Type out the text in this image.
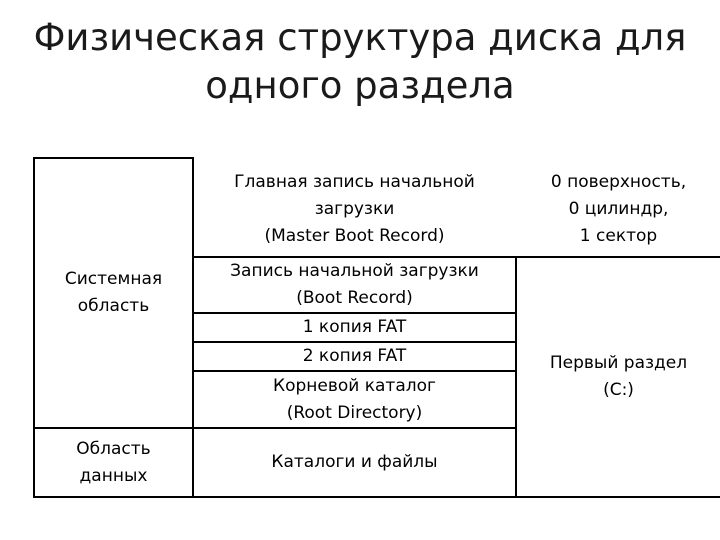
Физическая структура диска для
одного раздела
Системная
область
Область
данных
Главная запись начальной
загрузки
(Master Boot Record)
Запись начальной загрузки
(Boot Record)
1 копия FAT
2 копия FAT
Корневой каталог
(Root Directory)
Каталоги и файлы
0 поверхность,
0 цилиндр,
1 сектор
Первый раздел
(C:)
